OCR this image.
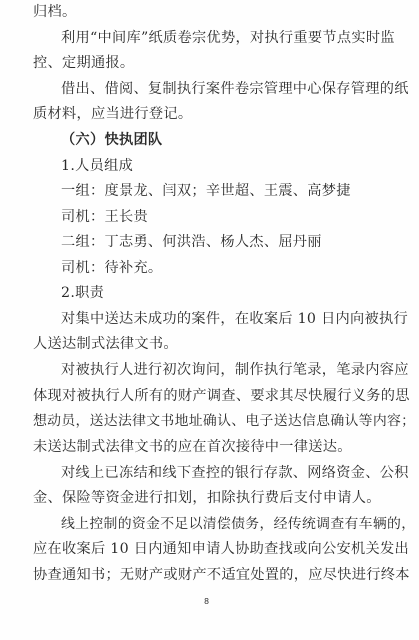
归档。
利用“中间库”纸质卷宗优势，对执行重要节点实时监
控、定期通报。
借出、借阅、复制执行案件卷宗管理中心保存管理的纸
质材料，应当进行登记。
（六）快执团队
1.人员组成
一组：度景龙、闫双；辛世超、王震、高梦捷
司机：王长贵
二组：丁志勇、何洪浩、杨人杰、屈丹丽
司机：待补充。
2.职责
对集中送达未成功的案件，在收案后 10 日内向被执行
人送达制式法律文书。
对被执行人进行初次询问，制作执行笔录，笔录内容应
体现对被执行人所有的财产调查、要求其尽快履行义务的思
想动员，送达法律文书地址确认、电子送达信息确认等内容；
未送达制式法律文书的应在首次接待中一律送达。
对线上已冻结和线下查控的银行存款、网络资金、公积
金、保险等资金进行扣划，扣除执行费后支付申请人。
线上控制的资金不足以清偿债务，经传统调查有车辆的，
应在收案后 10 日内通知申请人协助查找或向公安机关发出
协查通知书；无财产或财产不适宜处置的，应尽快进行终本
8
